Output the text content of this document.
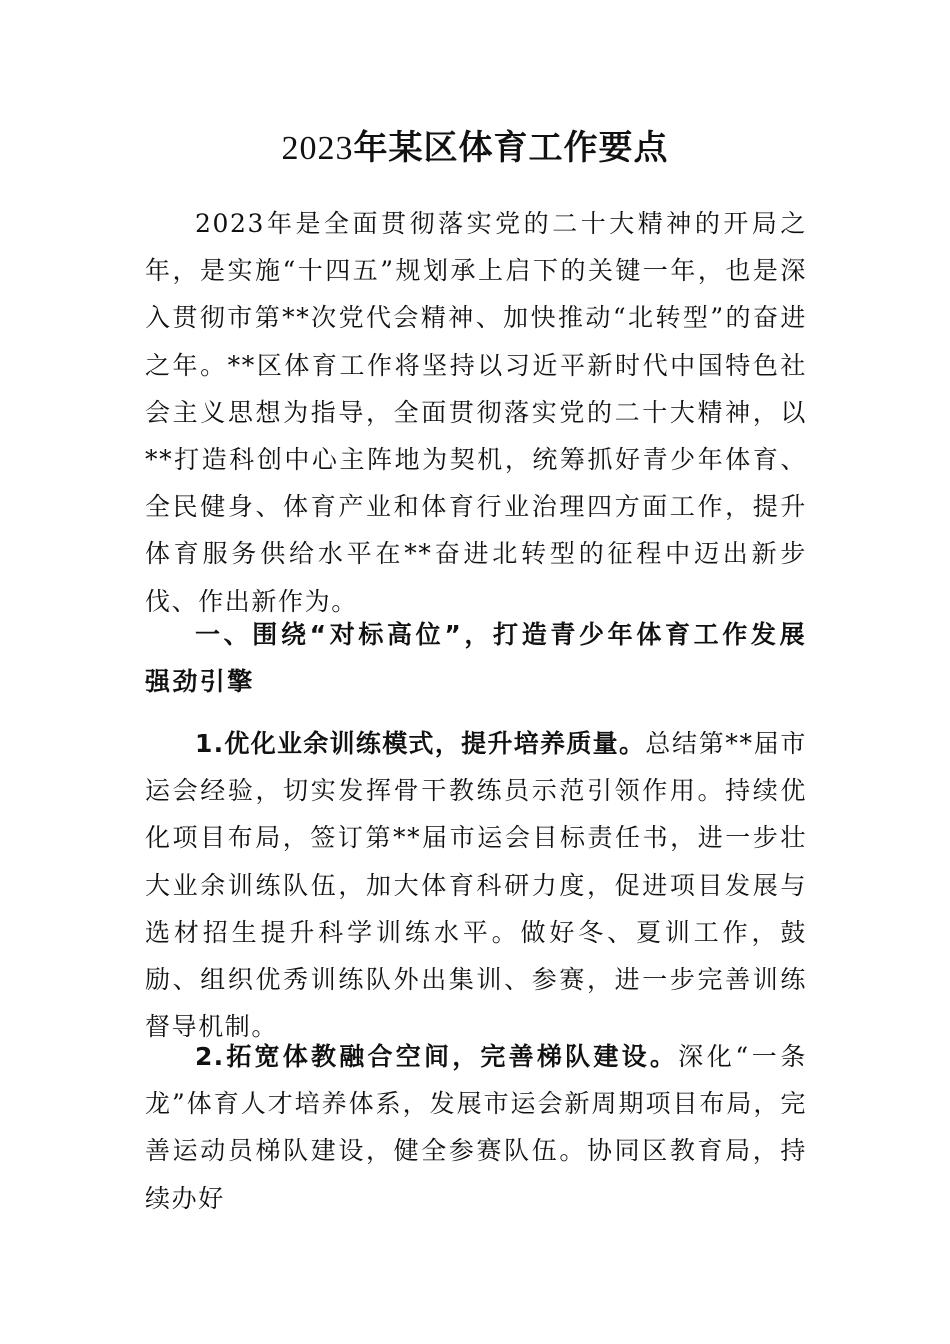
2023年某区体育工作要点

2023年是全面贯彻落实党的二十大精神的开局之年，是实施“十四五”规划承上启下的关键一年，也是深入贯彻市第**次党代会精神、加快推动“北转型”的奋进之年。**区体育工作将坚持以习近平新时代中国特色社会主义思想为指导，全面贯彻落实党的二十大精神，以**打造科创中心主阵地为契机，统筹抓好青少年体育、全民健身、体育产业和体育行业治理四方面工作，提升体育服务供给水平在**奋进北转型的征程中迈出新步伐、作出新作为。

一、围绕“对标高位”，打造青少年体育工作发展强劲引擎

1.优化业余训练模式，提升培养质量。总结第**届市运会经验，切实发挥骨干教练员示范引领作用。持续优化项目布局，签订第**届市运会目标责任书，进一步壮大业余训练队伍，加大体育科研力度，促进项目发展与选材招生提升科学训练水平。做好冬、夏训工作，鼓励、组织优秀训练队外出集训、参赛，进一步完善训练督导机制。

2.拓宽体教融合空间，完善梯队建设。深化“一条龙”体育人才培养体系，发展市运会新周期项目布局，完善运动员梯队建设，健全参赛队伍。协同区教育局，持续办好
